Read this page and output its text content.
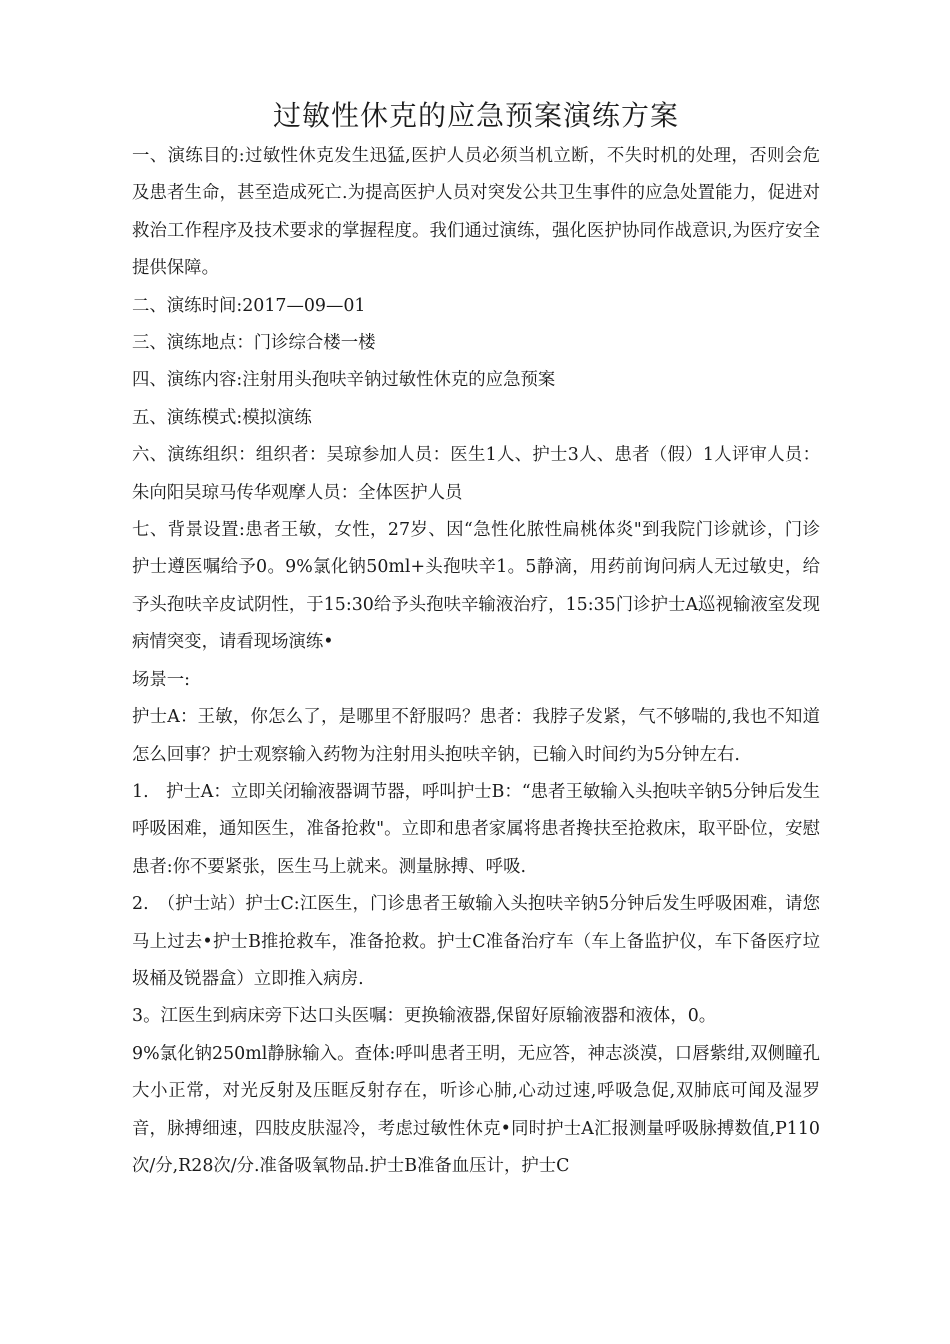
过敏性休克的应急预案演练方案

一、演练目的:过敏性休克发生迅猛,医护人员必须当机立断，不失时机的处理，否则会危及患者生命，甚至造成死亡.为提高医护人员对突发公共卫生事件的应急处置能力，促进对救治工作程序及技术要求的掌握程度。我们通过演练，强化医护协同作战意识,为医疗安全提供保障。

二、演练时间:2017—09—01

三、演练地点：门诊综合楼一楼

四、演练内容:注射用头孢呋辛钠过敏性休克的应急预案

五、演练模式:模拟演练

六、演练组织：组织者：吴琼参加人员：医生1人、护士3人、患者（假）1人评审人员：朱向阳吴琼马传华观摩人员：全体医护人员

七、背景设置:患者王敏，女性，27岁、因“急性化脓性扁桃体炎"到我院门诊就诊，门诊护士遵医嘱给予0。9%氯化钠50ml+头孢呋辛1。5静滴，用药前询问病人无过敏史，给予头孢呋辛皮试阴性，于15:30给予头孢呋辛输液治疗，15:35门诊护士A巡视输液室发现病情突变，请看现场演练•

场景一:

护士A：王敏，你怎么了，是哪里不舒服吗？患者：我脖子发紧，气不够喘的,我也不知道怎么回事？护士观察输入药物为注射用头抱呋辛钠，已输入时间约为5分钟左右.

1.　护士A：立即关闭输液器调节器，呼叫护士B：“患者王敏输入头抱呋辛钠5分钟后发生呼吸困难，通知医生，准备抢救"。立即和患者家属将患者搀扶至抢救床，取平卧位，安慰患者:你不要紧张，医生马上就来。测量脉搏、呼吸.

2.　（护士站）护士C:江医生，门诊患者王敏输入头抱呋辛钠5分钟后发生呼吸困难，请您马上过去•护士B推抢救车，准备抢救。护士C准备治疗车（车上备监护仪，车下备医疗垃圾桶及锐器盒）立即推入病房.

3。江医生到病床旁下达口头医嘱：更换输液器,保留好原输液器和液体，0。

9%氯化钠250ml静脉输入。查体:呼叫患者王明，无应答，神志淡漠，口唇紫绀,双侧瞳孔大小正常，对光反射及压眶反射存在，听诊心肺,心动过速,呼吸急促,双肺底可闻及湿罗音，脉搏细速，四肢皮肤湿冷，考虑过敏性休克•同时护士A汇报测量呼吸脉搏数值,P110次/分,R28次/分.准备吸氧物品.护士B准备血压计，护士C
